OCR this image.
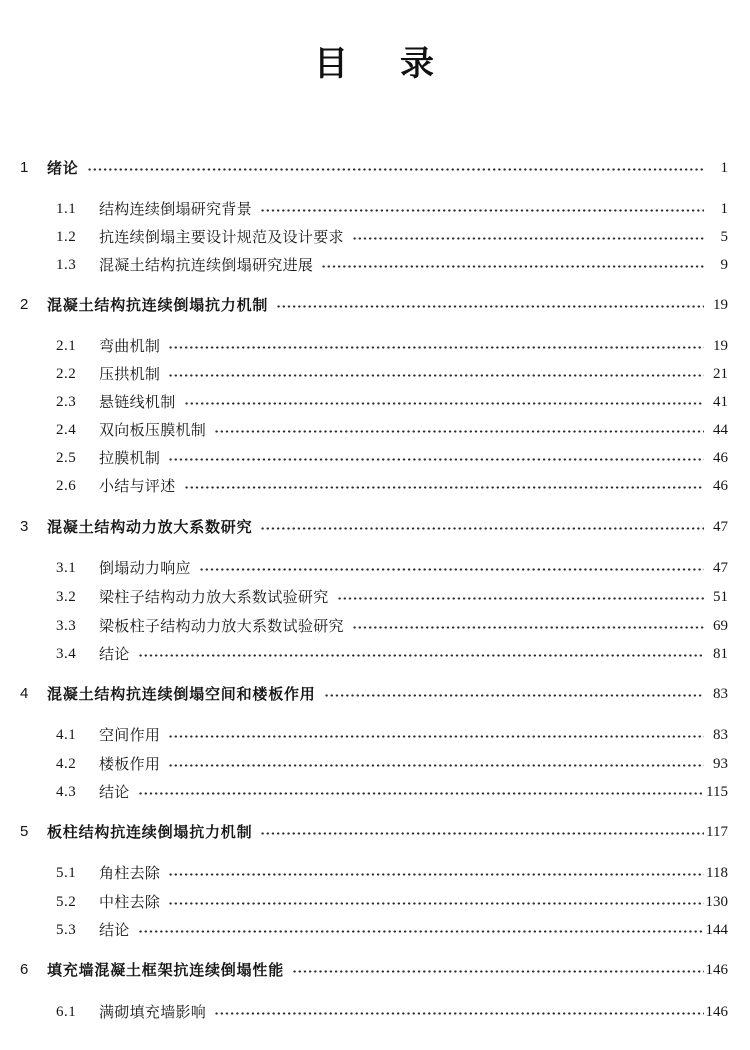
目 录
1 绪论	1
1.1 结构连续倒塌研究背景	1
1.2 抗连续倒塌主要设计规范及设计要求	5
1.3 混凝土结构抗连续倒塌研究进展	9
2 混凝土结构抗连续倒塌抗力机制	19
2.1 弯曲机制	19
2.2 压拱机制	21
2.3 悬链线机制	41
2.4 双向板压膜机制	44
2.5 拉膜机制	46
2.6 小结与评述	46
3 混凝土结构动力放大系数研究	47
3.1 倒塌动力响应	47
3.2 梁柱子结构动力放大系数试验研究	51
3.3 梁板柱子结构动力放大系数试验研究	69
3.4 结论	81
4 混凝土结构抗连续倒塌空间和楼板作用	83
4.1 空间作用	83
4.2 楼板作用	93
4.3 结论	115
5 板柱结构抗连续倒塌抗力机制	117
5.1 角柱去除	118
5.2 中柱去除	130
5.3 结论	144
6 填充墙混凝土框架抗连续倒塌性能	146
6.1 满砌填充墙影响	146
